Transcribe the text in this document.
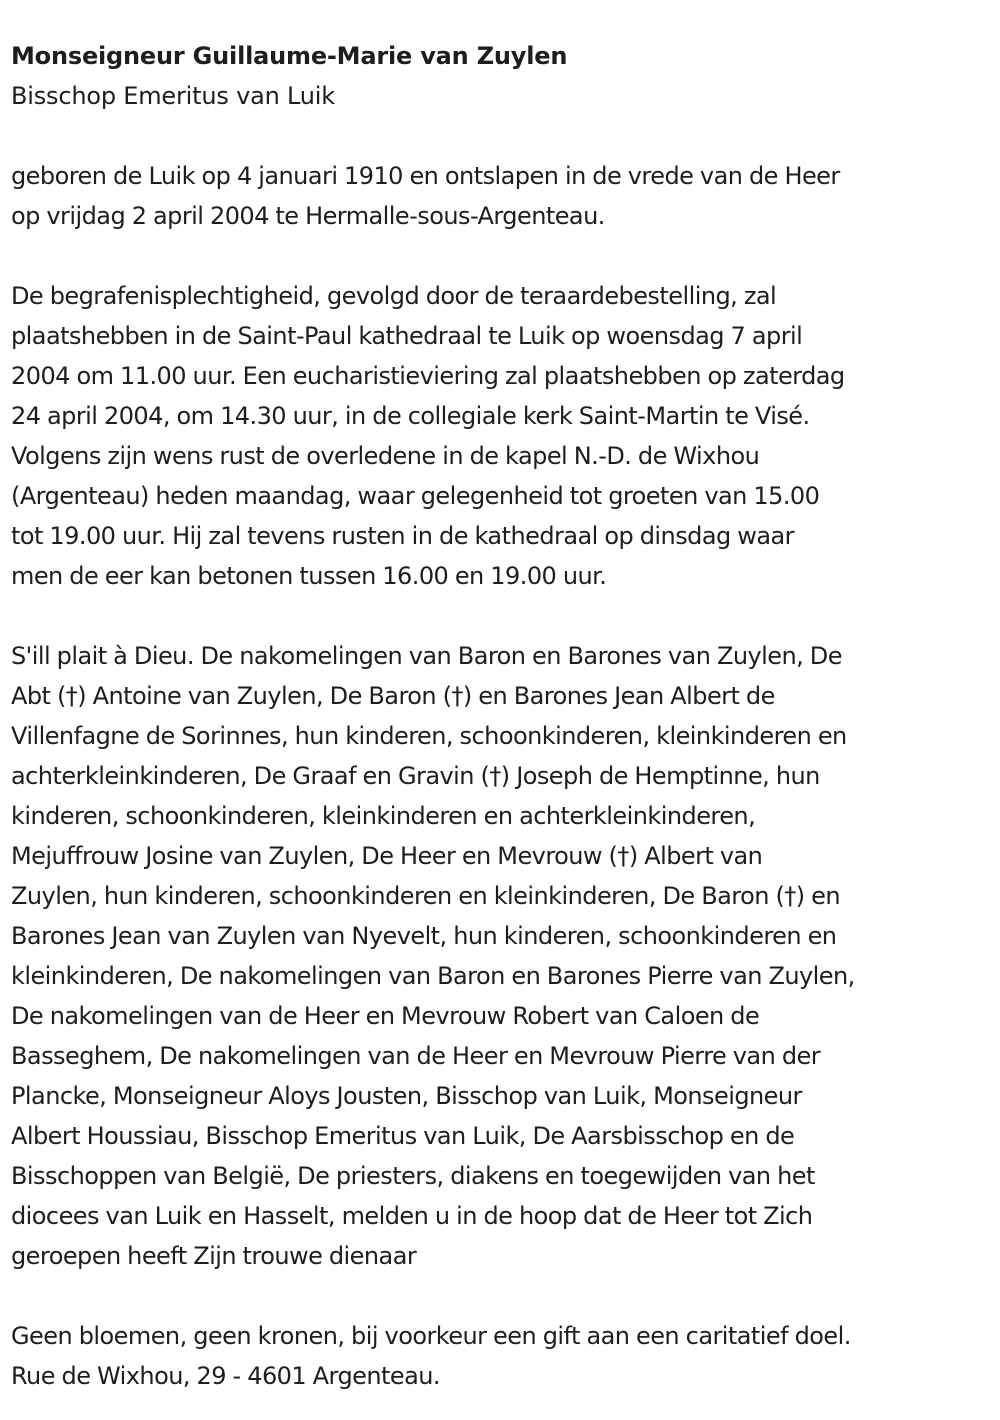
Monseigneur Guillaume-Marie van Zuylen

Bisschop Emeritus van Luik

geboren de Luik op 4 januari 1910 en ontslapen in de vrede van de Heer
op vrijdag 2 april 2004 te Hermalle-sous-Argenteau.

De begrafenisplechtigheid, gevolgd door de teraardebestelling, zal
plaatshebben in de Saint-Paul kathedraal te Luik op woensdag 7 april
2004 om 11.00 uur. Een eucharistieviering zal plaatshebben op zaterdag
24 april 2004, om 14.30 uur, in de collegiale kerk Saint-Martin te Visé.
Volgens zijn wens rust de overledene in de kapel N.-D. de Wixhou
(Argenteau) heden maandag, waar gelegenheid tot groeten van 15.00
tot 19.00 uur. Hij zal tevens rusten in de kathedraal op dinsdag waar
men de eer kan betonen tussen 16.00 en 19.00 uur.

S'ill plait à Dieu. De nakomelingen van Baron en Barones van Zuylen, De
Abt (†) Antoine van Zuylen, De Baron (†) en Barones Jean Albert de
Villenfagne de Sorinnes, hun kinderen, schoonkinderen, kleinkinderen en
achterkleinkinderen, De Graaf en Gravin (†) Joseph de Hemptinne, hun
kinderen, schoonkinderen, kleinkinderen en achterkleinkinderen,
Mejuffrouw Josine van Zuylen, De Heer en Mevrouw (†) Albert van
Zuylen, hun kinderen, schoonkinderen en kleinkinderen, De Baron (†) en
Barones Jean van Zuylen van Nyevelt, hun kinderen, schoonkinderen en
kleinkinderen, De nakomelingen van Baron en Barones Pierre van Zuylen,
De nakomelingen van de Heer en Mevrouw Robert van Caloen de
Basseghem, De nakomelingen van de Heer en Mevrouw Pierre van der
Plancke, Monseigneur Aloys Jousten, Bisschop van Luik, Monseigneur
Albert Houssiau, Bisschop Emeritus van Luik, De Aarsbisschop en de
Bisschoppen van België, De priesters, diakens en toegewijden van het
diocees van Luik en Hasselt, melden u in de hoop dat de Heer tot Zich
geroepen heeft Zijn trouwe dienaar

Geen bloemen, geen kronen, bij voorkeur een gift aan een caritatief doel.
Rue de Wixhou, 29 - 4601 Argenteau.
